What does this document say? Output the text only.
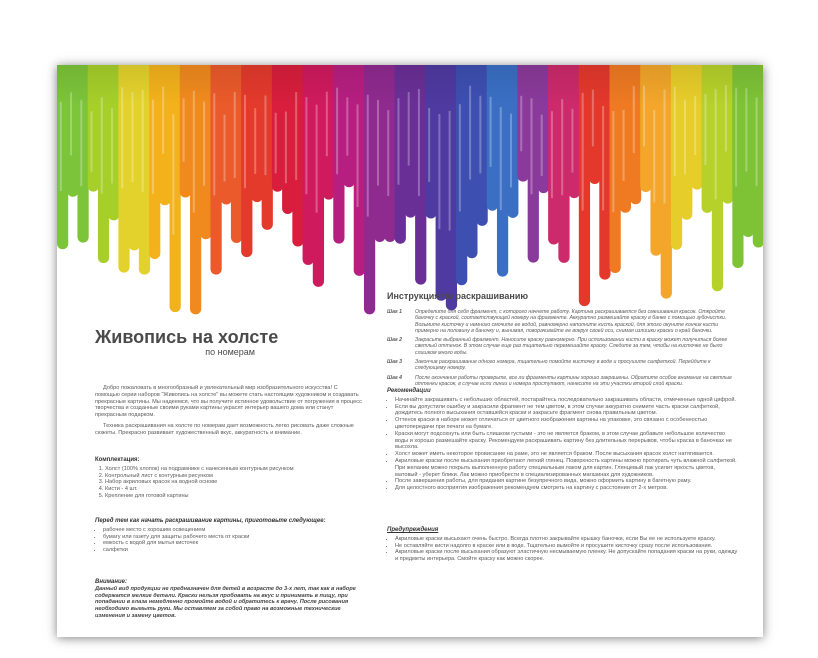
Живопись на холсте
по номерам

Добро пожаловать в многообразный и увлекательный мир изобразительного искусства! С помощью серии наборов "Живопись на холсте" вы можете стать настоящим художником и создавать прекрасные картины. Мы надеемся, что вы получите истинное удовольствие от погружения в процесс творчества и созданные своими руками картины украсят интерьер вашего дома или станут прекрасным подарком.

Техника раскрашивания на холсте по номерам дает возможность легко рисовать даже сложные сюжеты. Прекрасно развивает художественный вкус, аккуратность и внимание.

Комплектация:
1. Холст (100% хлопок) на подрамнике с нанесенным контурным рисунком
2. Контрольный лист с контурным рисунком
3. Набор акриловых красок на водной основе
4. Кисти - 4 шт.
5. Крепление для готовой картины
Перед тем как начать раскрашивание картины, приготовьте следующее:
• рабочее место с хорошим освещением
• бумагу или газету для защиты рабочего места от краски
• емкость с водой для мытья кисточек
• салфетки
Внимание:
Данный вид продукции не предназначен для детей в возрасте до 3-х лет, так как в наборе содержатся мелкие детали. Краски нельзя пробовать на вкус и принимать в пищу, при попадании в глаза немедленно промойте водой и обратитесь к врачу. После рисования необходимо вымыть руки. Мы оставляем за собой право на возможные технические изменения и замену цветов.
Инструкция по раскрашиванию
Шаг 1	Определите для себя фрагмент, с которого начнете работу. Картина раскрашивается без смешивания красок. Откройте баночку с краской, соответствующей номеру на фрагменте. Аккуратно размешайте краску в банке с помощью зубочистки. Возьмите кисточку и немного смочите ее водой, равномерно наполните кисть краской, для этого окуните кончик кисти примерно на половину в баночку и, вынимая, поворачивайте ее вокруг своей оси, снимая излишки краски о край баночки.
Шаг 2	Закрасьте выбранный фрагмент. Наносите краску равномерно. При использовании кисти в краску может получиться более светлый оттенок. В этом случае еще раз тщательно перемешайте краску. Следите за тем, чтобы на кисточке не было слишком много воды.
Шаг 3	Закончив раскрашивание одного номера, тщательно помойте кисточку в воде и просушите салфеткой. Перейдите к следующему номеру.
Шаг 4	После окончания работы проверьте, все ли фрагменты картины хорошо закрашены. Обратите особое внимание на светлые оттенки красок, в случае если линии и номера проступают, нанесите на эти участки второй слой краски.
Рекомендации
• Начинайте закрашивать с небольших областей, постарайтесь последовательно закрашивать области, отмеченные одной цифрой.
• Если вы допустили ошибку и закрасили фрагмент не тем цветом, в этом случае аккуратно снимите часть краски салфеткой, дождитесь полного высыхания оставшейся краски и закрасьте фрагмент снова правильным цветом.
• Оттенок краски в наборе может отличаться от цветного изображения картины на упаковке, это связано с особенностью цветопередачи при печати на бумаге.
• Краски могут подсохнуть или быть слишком густыми - это не является браком, в этом случае добавьте небольшое количество воды и хорошо размешайте краску. Рекомендуем раскрашивать картину без длительных перерывов, чтобы краска в баночках не высохла.
• Холст может иметь некоторое провисание на раме, это не является браком. После высыхания красок холст натягивается.
• Акриловые краски после высыхания приобретают легкий глянец. Поверхность картины можно протирать чуть влажной салфеткой. При желании можно покрыть выполненную работу специальным лаком для картин. Глянцевый лак усилит яркость цветов, матовый - уберет блики. Лак можно приобрести в специализированных магазинах для художников.
• После завершения работы, для придания картине безупречного вида, можно оформить картину в багетную раму.
• Для целостного восприятия изображения рекомендуем смотреть на картину с расстояния от 2-х метров.
Предупреждения
• Акриловые краски высыхают очень быстро. Всегда плотно закрывайте крышку баночки, если Вы ее не используете краску.
• Не оставляйте кисти надолго в краске или в воде. Тщательно вымойте и просушите кисточку сразу после использования.
• Акриловые краски после высыхания образуют эластичную несмываемую пленку. Не допускайте попадания краски на руки, одежду и предметы интерьера. Смойте краску как можно скорее.
